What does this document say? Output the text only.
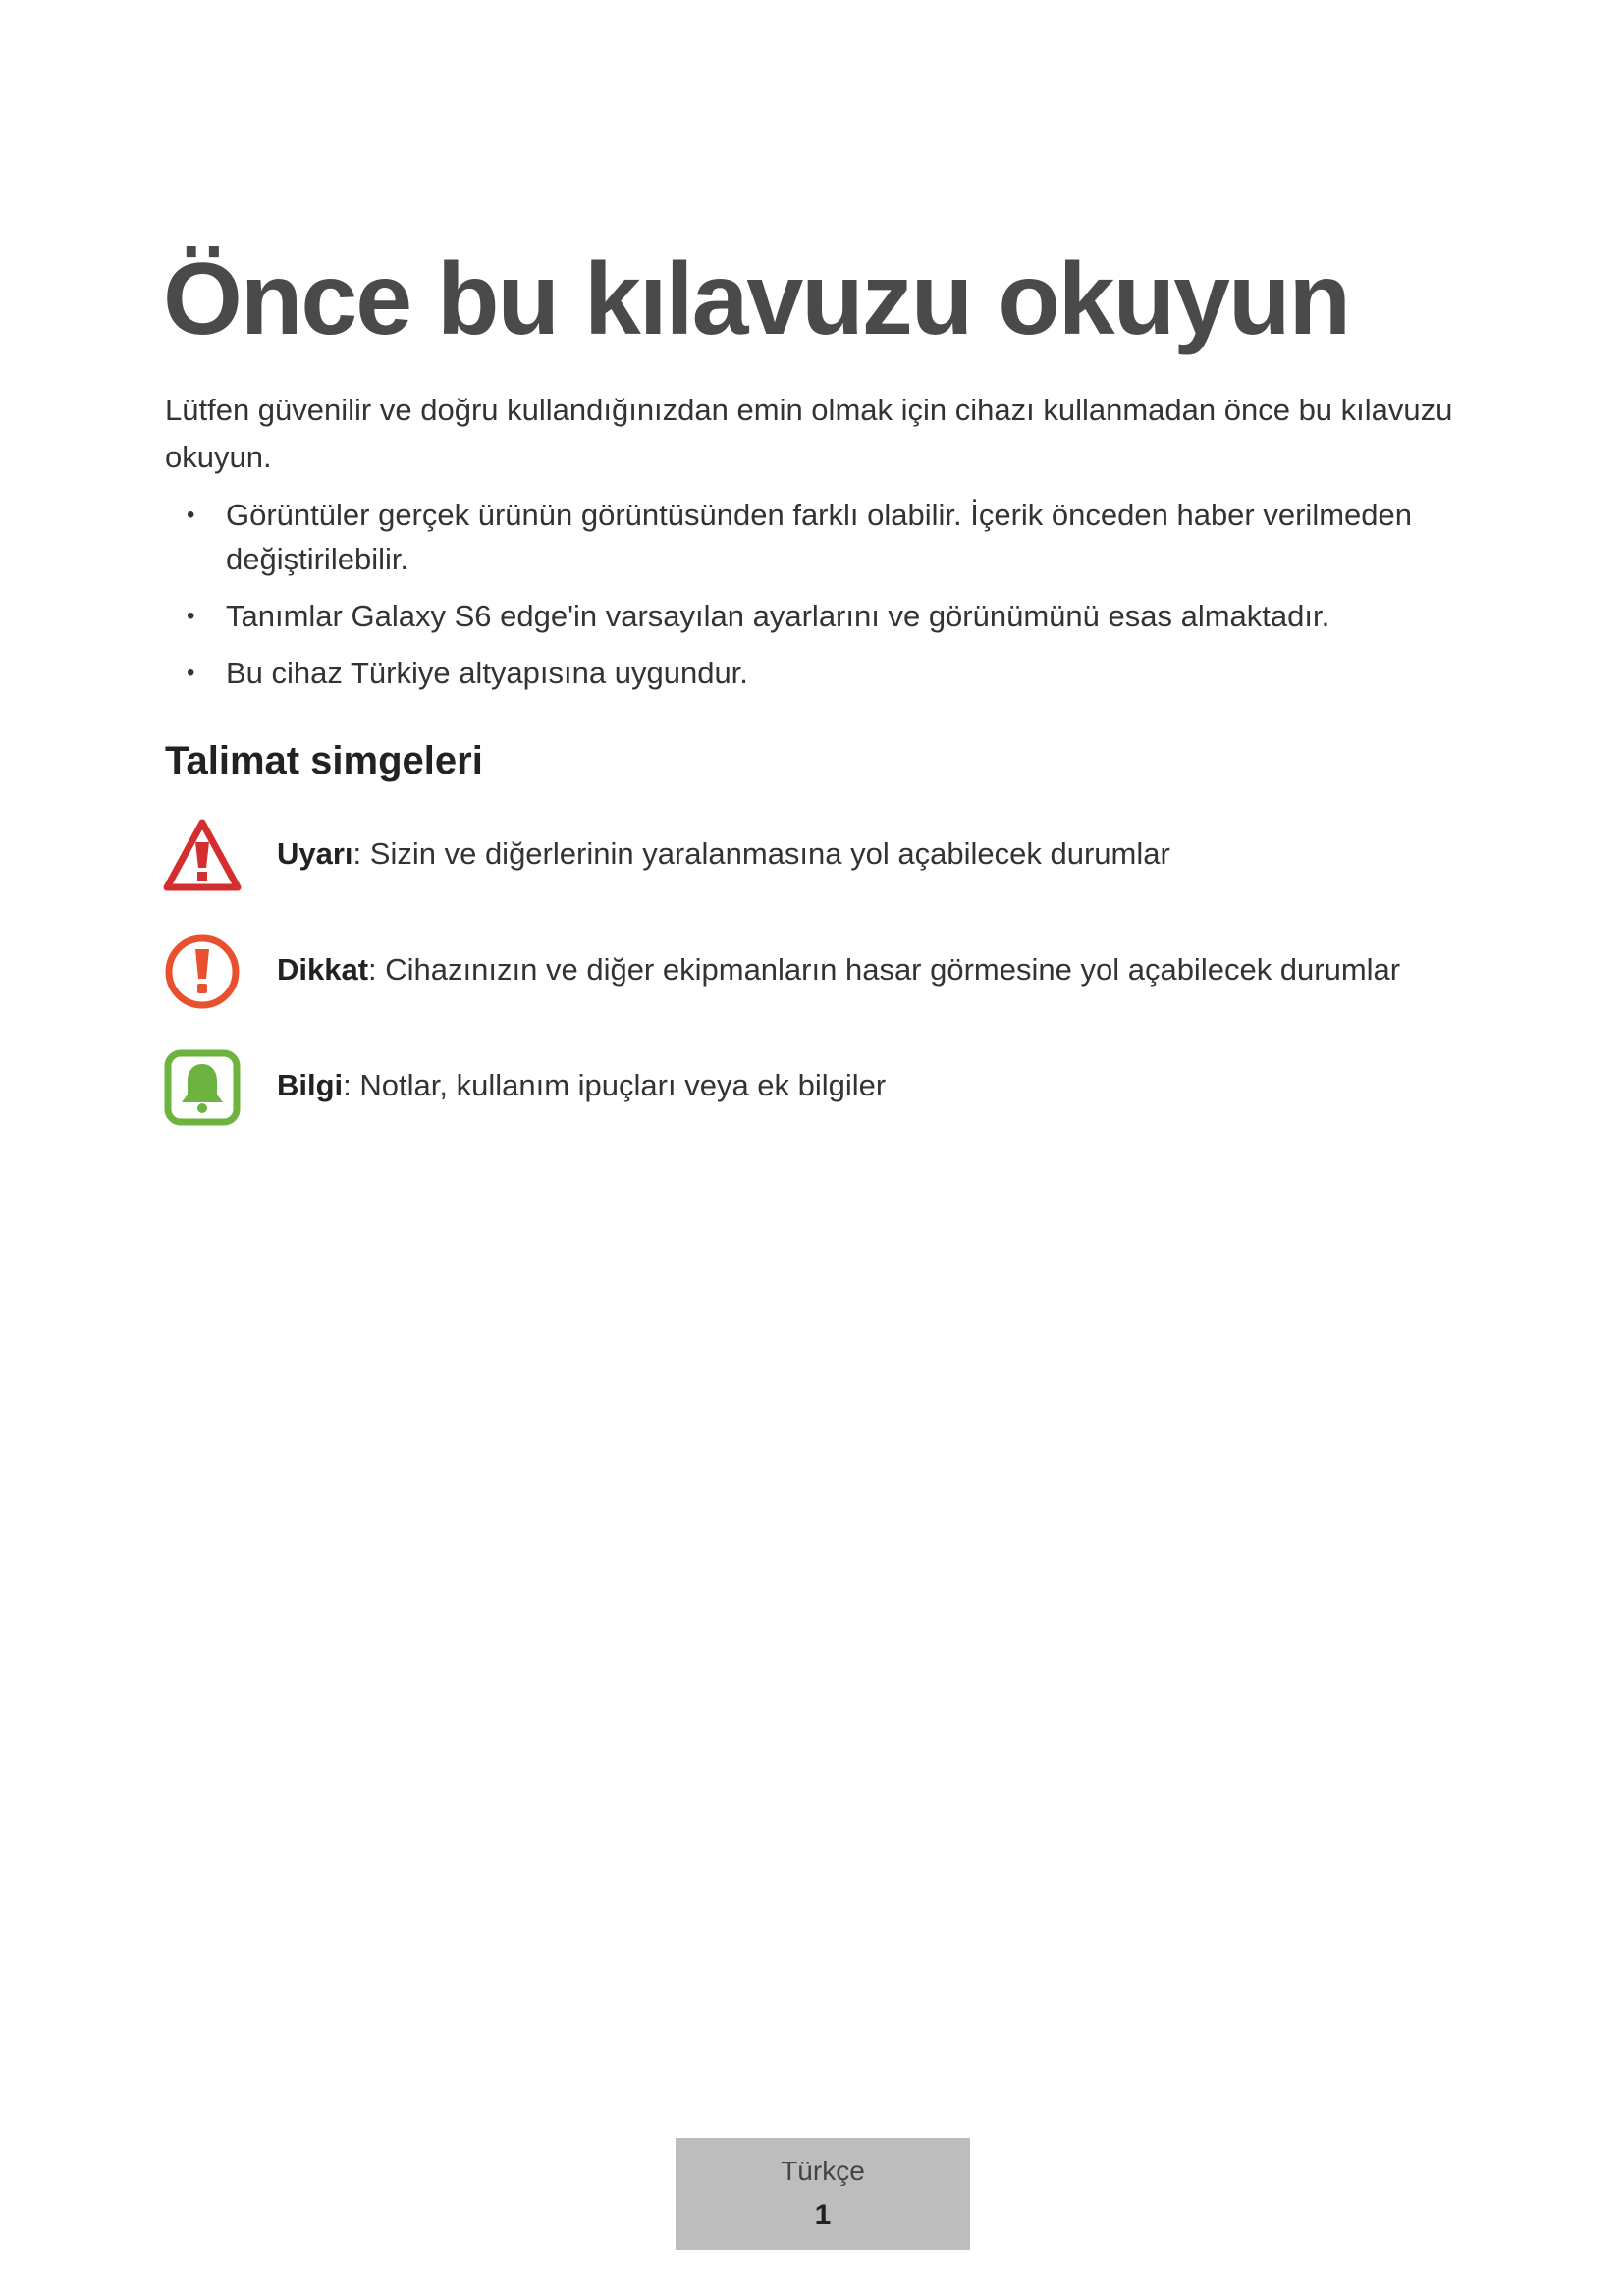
Önce bu kılavuzu okuyun

Lütfen güvenilir ve doğru kullandığınızdan emin olmak için cihazı kullanmadan önce bu kılavuzu okuyun.

• Görüntüler gerçek ürünün görüntüsünden farklı olabilir. İçerik önceden haber verilmeden değiştirilebilir.
• Tanımlar Galaxy S6 edge'in varsayılan ayarlarını ve görünümünü esas almaktadır.
• Bu cihaz Türkiye altyapısına uygundur.
Talimat simgeleri
Uyarı: Sizin ve diğerlerinin yaralanmasına yol açabilecek durumlar
Dikkat: Cihazınızın ve diğer ekipmanların hasar görmesine yol açabilecek durumlar
Bilgi: Notlar, kullanım ipuçları veya ek bilgiler
Türkçe
1
